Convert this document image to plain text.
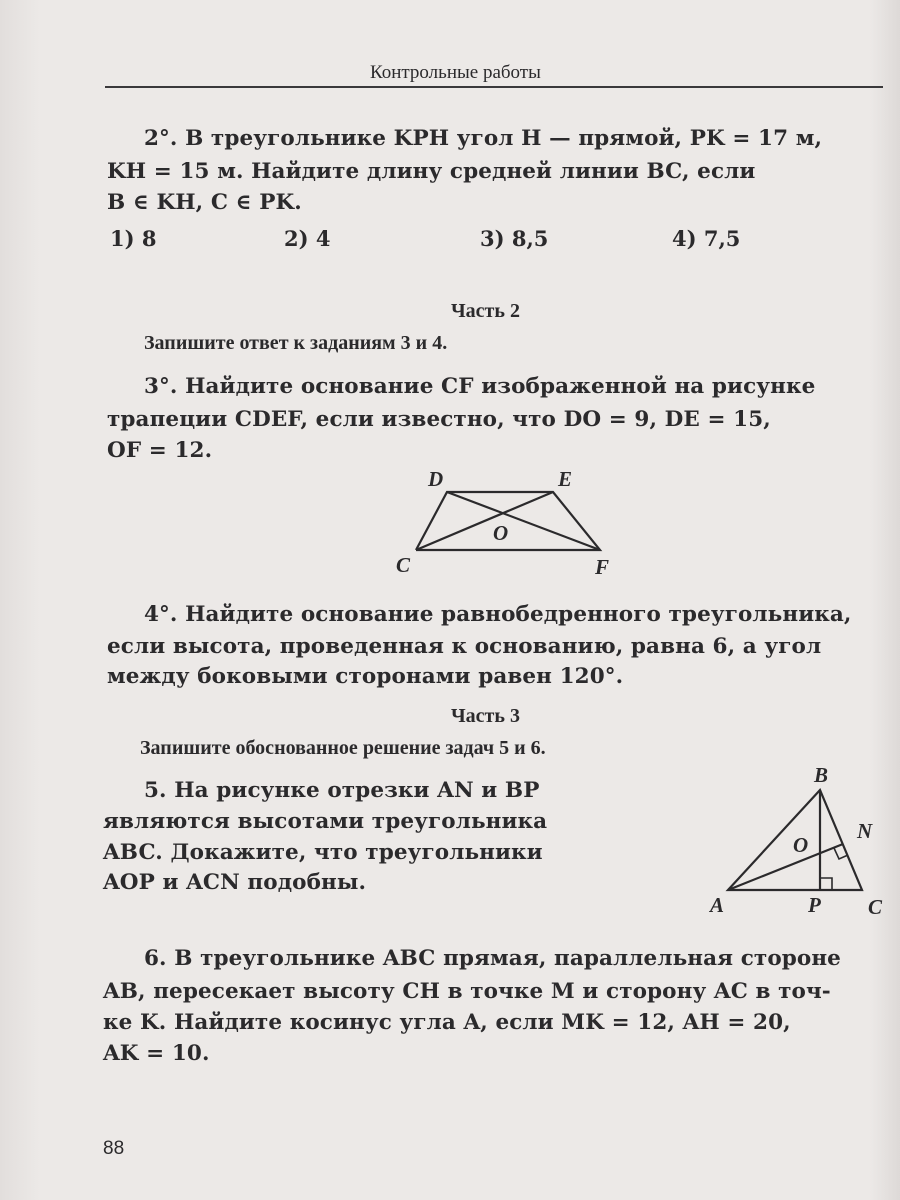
Контрольные работы
2°. В треугольнике KPH угол H — прямой, PK = 17 м,
KH = 15 м. Найдите длину средней линии BC, если
B ∈ KH, C ∈ PK.
1) 8	2) 4	3) 8,5	4) 7,5
Часть 2
Запишите ответ к заданиям 3 и 4.
3°. Найдите основание CF изображенной на рисунке
трапеции CDEF, если известно, что DO = 9, DE = 15,
OF = 12.
D	E
O
C	F
4°. Найдите основание равнобедренного треугольника,
если высота, проведенная к основанию, равна 6, а угол
между боковыми сторонами равен 120°.
Часть 3
Запишите обоснованное решение задач 5 и 6.
5. На рисунке отрезки AN и BP
являются высотами треугольника
ABC. Докажите, что треугольники
AOP и ACN подобны.
B
N
O
A	P C
6. В треугольнике ABC прямая, параллельная стороне
AB, пересекает высоту CH в точке M и сторону AC в точ-
ке K. Найдите косинус угла A, если MK = 12, AH = 20,
AK = 10.
88
